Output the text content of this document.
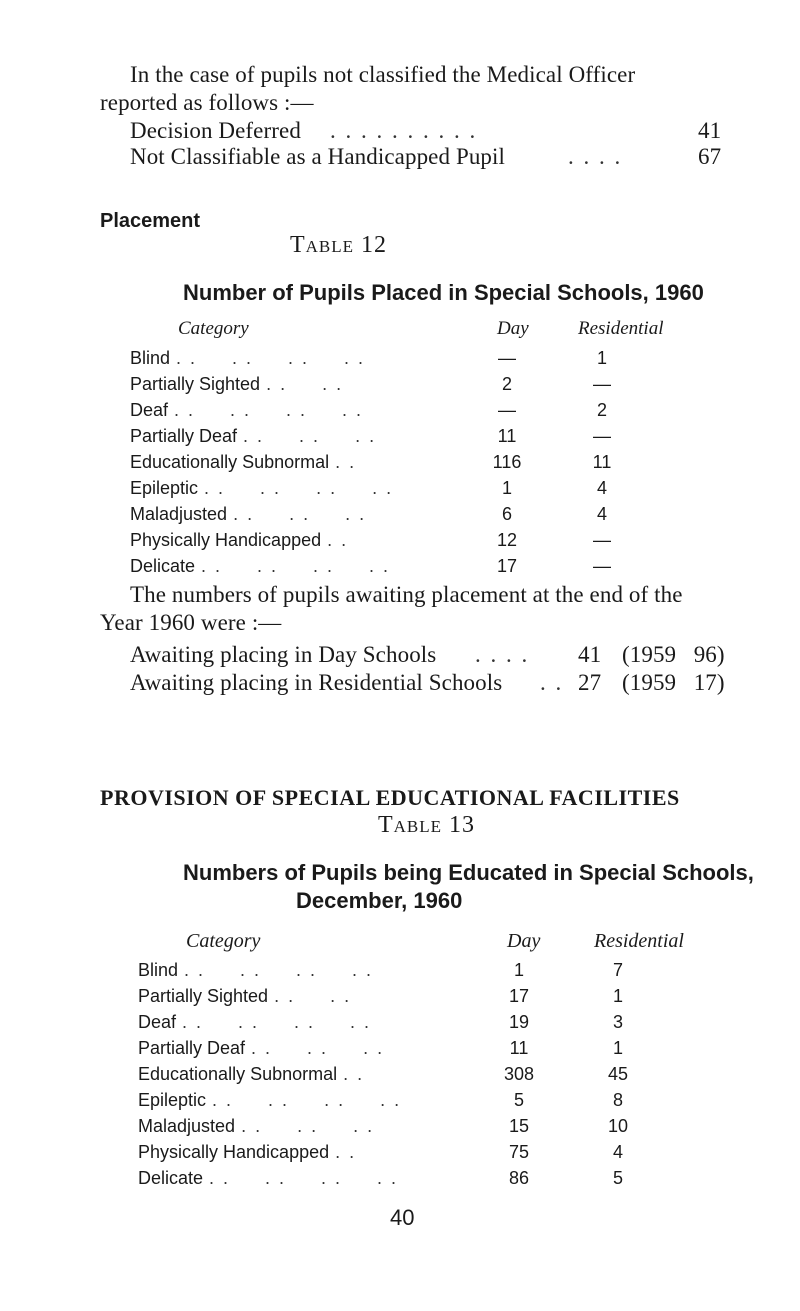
In the case of pupils not classified the Medical Officer
reported as follows :—
Decision Deferred . . . . . . . . . .	41
Not Classifiable as a Handicapped Pupil	. . . .	67
Placement
Table 12
Number of Pupils Placed in Special Schools, 1960
Category	Day	Residential
Blind . .     . .     . .     . .	—	1
Partially Sighted . .     . .	2	—
Deaf . .     . .     . .     . .	—	2
Partially Deaf . .     . .     . .	11	—
Educationally Subnormal . .	116	11
Epileptic . .     . .     . .     . .	1	4
Maladjusted . .     . .     . .	6	4
Physically Handicapped . .	12	—
Delicate . .     . .     . .     . .	17	—
The numbers of pupils awaiting placement at the end of the
Year 1960 were :—
Awaiting placing in Day Schools . . . . 41 (1959   96)
Awaiting placing in Residential Schools . . 27 (1959   17)
PROVISION OF SPECIAL EDUCATIONAL FACILITIES
Table 13
Numbers of Pupils being Educated in Special Schools,
December, 1960
Category	Day	Residential
Blind . .     . .     . .     . .	1	7
Partially Sighted . .     . .	17	1
Deaf . .     . .     . .     . .	19	3
Partially Deaf . .     . .     . .	11	1
Educationally Subnormal . .	308	45
Epileptic . .     . .     . .     . .	5	8
Maladjusted . .     . .     . .	15	10
Physically Handicapped . .	75	4
Delicate . .     . .     . .     . .	86	5
40
